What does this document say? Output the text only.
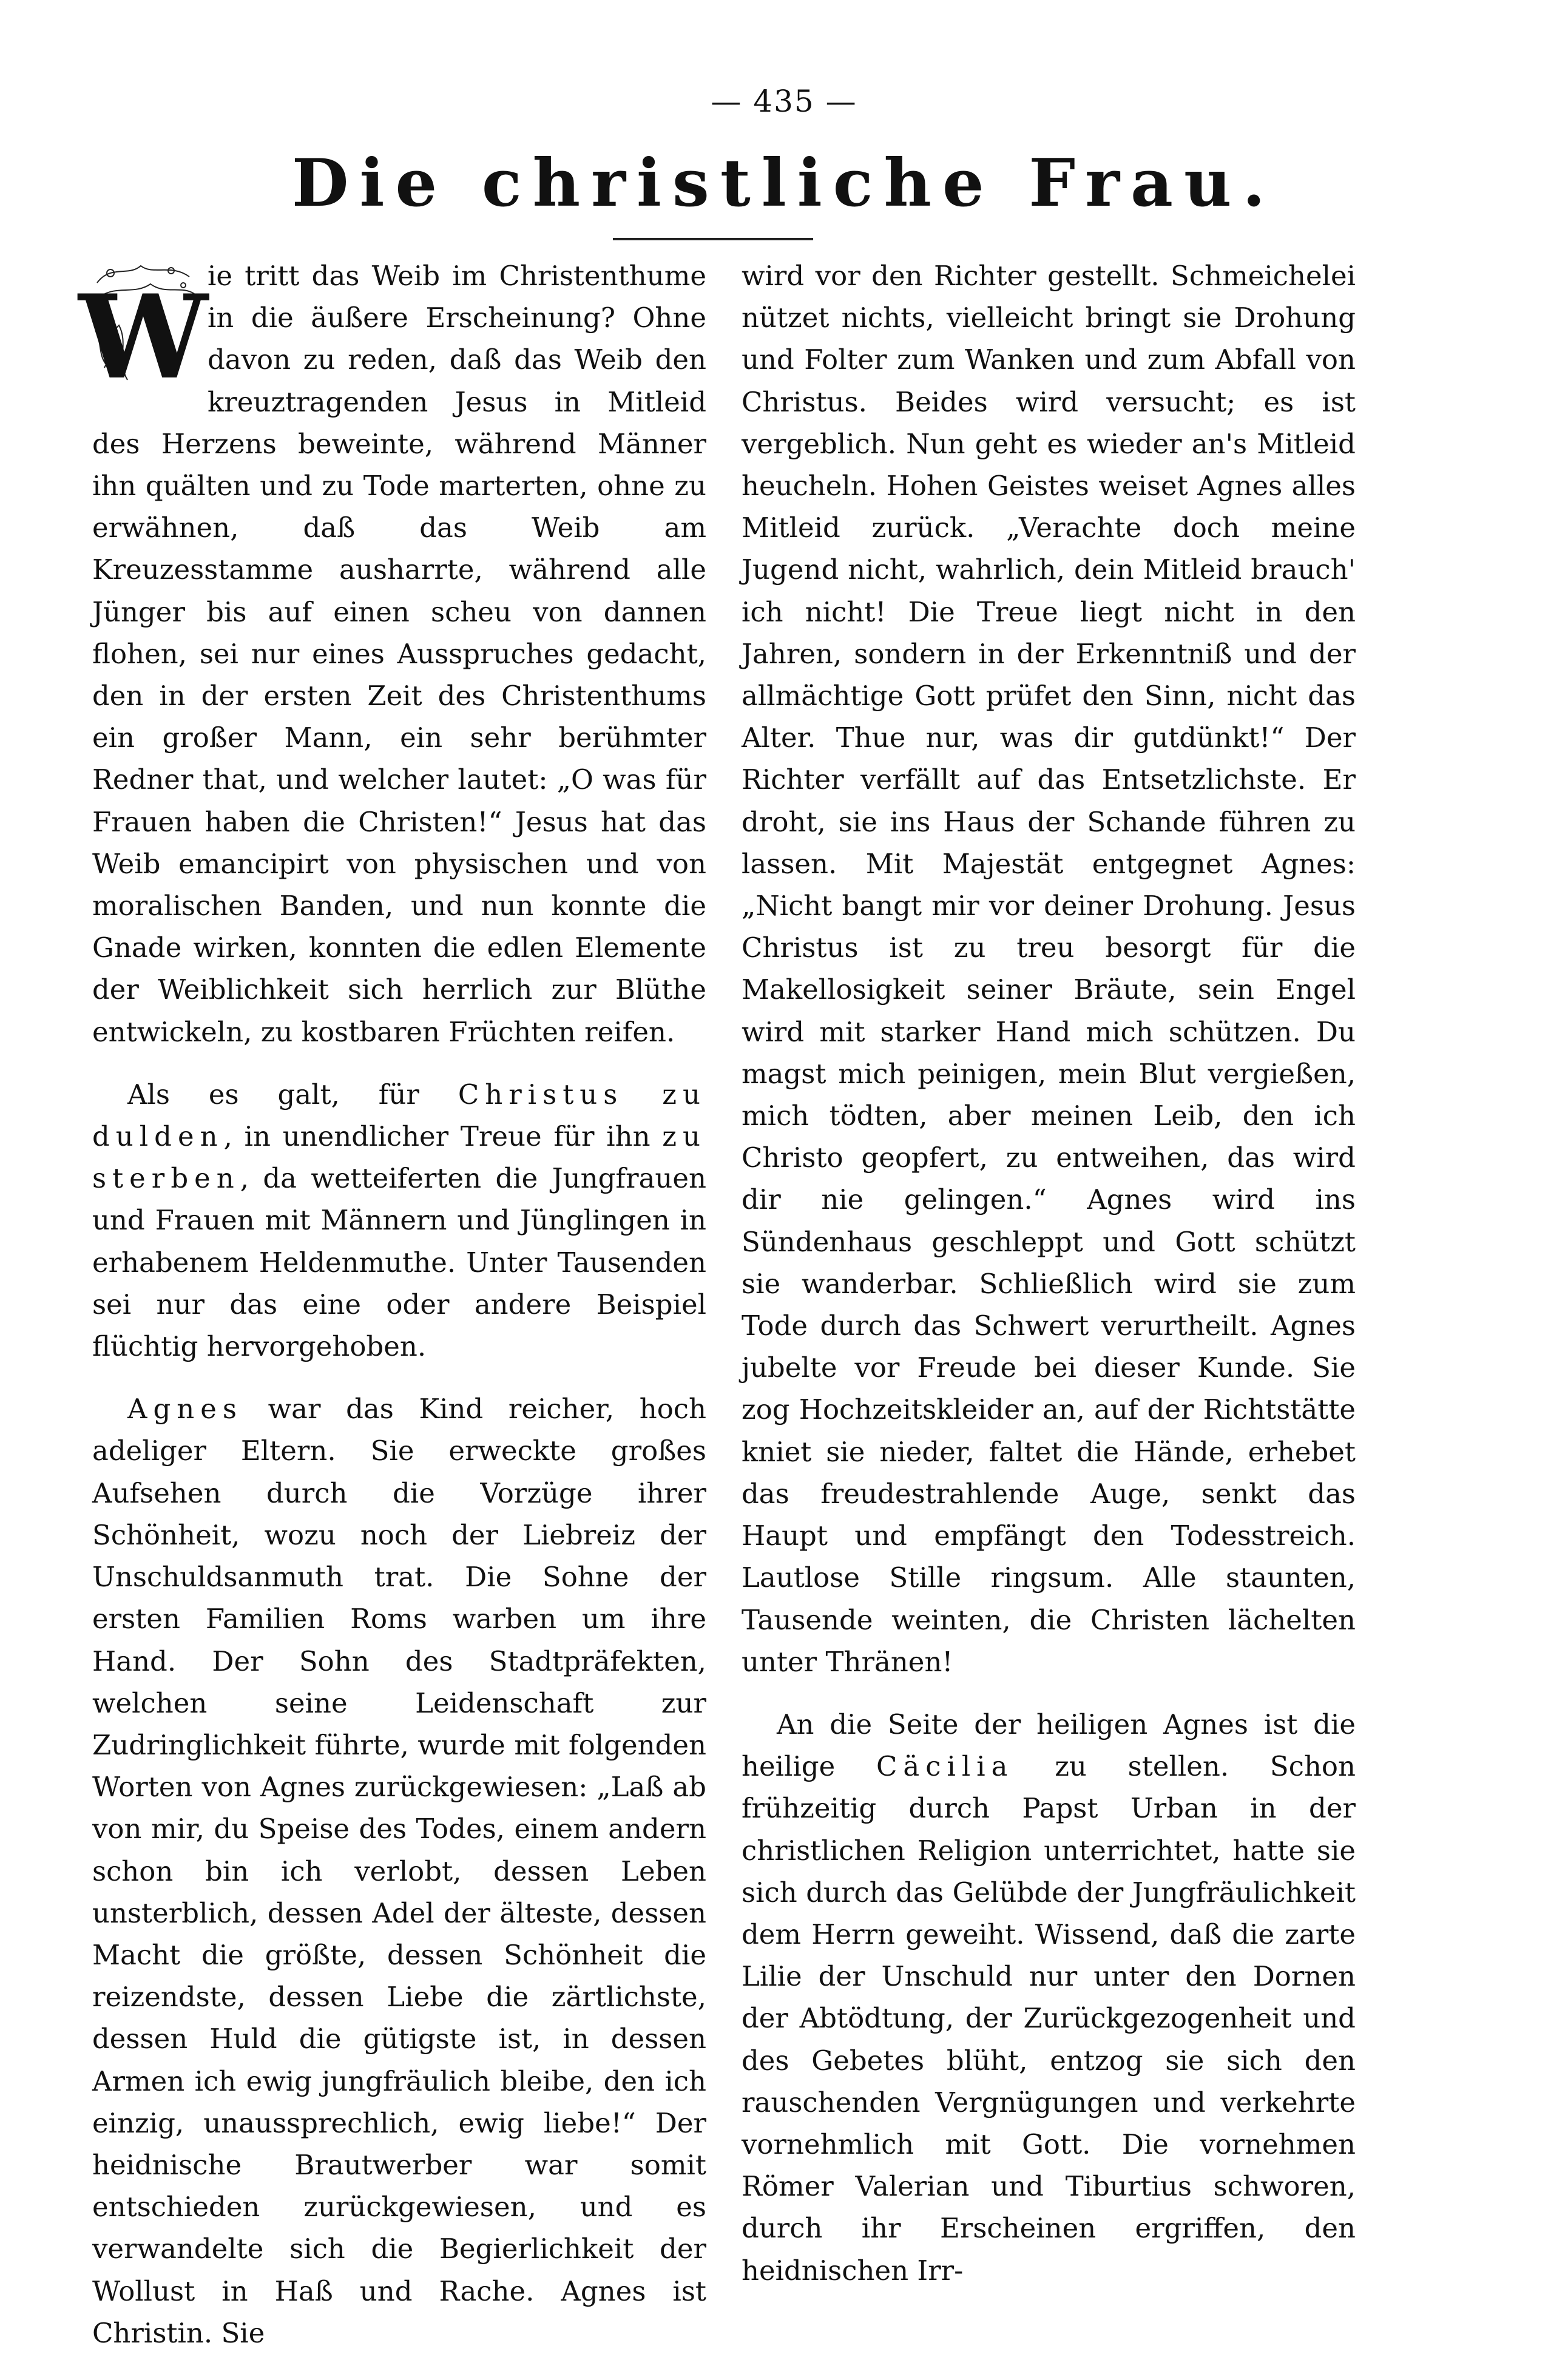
— 435 —
Die christliche Frau.

W ie tritt das Weib im Christenthume in die äußere Erscheinung? Ohne davon zu reden, daß das Weib den kreuztragenden Jesus in Mitleid des Herzens beweinte, während Männer ihn quälten und zu Tode marterten, ohne zu erwähnen, daß das Weib am Kreuzesstamme ausharrte, während alle Jünger bis auf einen scheu von dannen flohen, sei nur eines Ausspruches gedacht, den in der ersten Zeit des Christenthums ein großer Mann, ein sehr berühmter Redner that, und welcher lautet: „O was für Frauen haben die Christen!“ Jesus hat das Weib emancipirt von physischen und von moralischen Banden, und nun konnte die Gnade wirken, konnten die edlen Elemente der Weiblichkeit sich herrlich zur Blüthe entwickeln, zu kostbaren Früchten reifen.

Als es galt, für Christus zu dulden, in unendlicher Treue für ihn zu sterben, da wetteiferten die Jungfrauen und Frauen mit Männern und Jünglingen in erhabenem Heldenmuthe. Unter Tausenden sei nur das eine oder andere Beispiel flüchtig hervorgehoben.

Agnes war das Kind reicher, hoch adeliger Eltern. Sie erweckte großes Aufsehen durch die Vorzüge ihrer Schönheit, wozu noch der Liebreiz der Unschuldsanmuth trat. Die Sohne der ersten Familien Roms warben um ihre Hand. Der Sohn des Stadtpräfekten, welchen seine Leidenschaft zur Zudringlichkeit führte, wurde mit folgenden Worten von Agnes zurückgewiesen: „Laß ab von mir, du Speise des Todes, einem andern schon bin ich verlobt, dessen Leben unsterblich, dessen Adel der älteste, dessen Macht die größte, dessen Schönheit die reizendste, dessen Liebe die zärtlichste, dessen Huld die gütigste ist, in dessen Armen ich ewig jungfräulich bleibe, den ich einzig, unaussprechlich, ewig liebe!“ Der heidnische Brautwerber war somit entschieden zurückgewiesen, und es verwandelte sich die Begierlichkeit der Wollust in Haß und Rache. Agnes ist Christin. Sie

wird vor den Richter gestellt. Schmeichelei nützet nichts, vielleicht bringt sie Drohung und Folter zum Wanken und zum Abfall von Christus. Beides wird versucht; es ist vergeblich. Nun geht es wieder an's Mitleid heucheln. Hohen Geistes weiset Agnes alles Mitleid zurück. „Verachte doch meine Jugend nicht, wahrlich, dein Mitleid brauch' ich nicht! Die Treue liegt nicht in den Jahren, sondern in der Erkenntniß und der allmächtige Gott prüfet den Sinn, nicht das Alter. Thue nur, was dir gutdünkt!“ Der Richter verfällt auf das Entsetzlichste. Er droht, sie ins Haus der Schande führen zu lassen. Mit Majestät entgegnet Agnes: „Nicht bangt mir vor deiner Drohung. Jesus Christus ist zu treu besorgt für die Makellosigkeit seiner Bräute, sein Engel wird mit starker Hand mich schützen. Du magst mich peinigen, mein Blut vergießen, mich tödten, aber meinen Leib, den ich Christo geopfert, zu entweihen, das wird dir nie gelingen.“ Agnes wird ins Sündenhaus geschleppt und Gott schützt sie wanderbar. Schließlich wird sie zum Tode durch das Schwert verurtheilt. Agnes jubelte vor Freude bei dieser Kunde. Sie zog Hochzeitskleider an, auf der Richtstätte kniet sie nieder, faltet die Hände, erhebet das freudestrahlende Auge, senkt das Haupt und empfängt den Todesstreich. Lautlose Stille ringsum. Alle staunten, Tausende weinten, die Christen lächelten unter Thränen!

An die Seite der heiligen Agnes ist die heilige Cäcilia zu stellen. Schon frühzeitig durch Papst Urban in der christlichen Religion unterrichtet, hatte sie sich durch das Gelübde der Jungfräulichkeit dem Herrn geweiht. Wissend, daß die zarte Lilie der Unschuld nur unter den Dornen der Abtödtung, der Zurückgezogenheit und des Gebetes blüht, entzog sie sich den rauschenden Vergnügungen und verkehrte vornehmlich mit Gott. Die vornehmen Römer Valerian und Tiburtius schworen, durch ihr Erscheinen ergriffen, den heidnischen Irr-
